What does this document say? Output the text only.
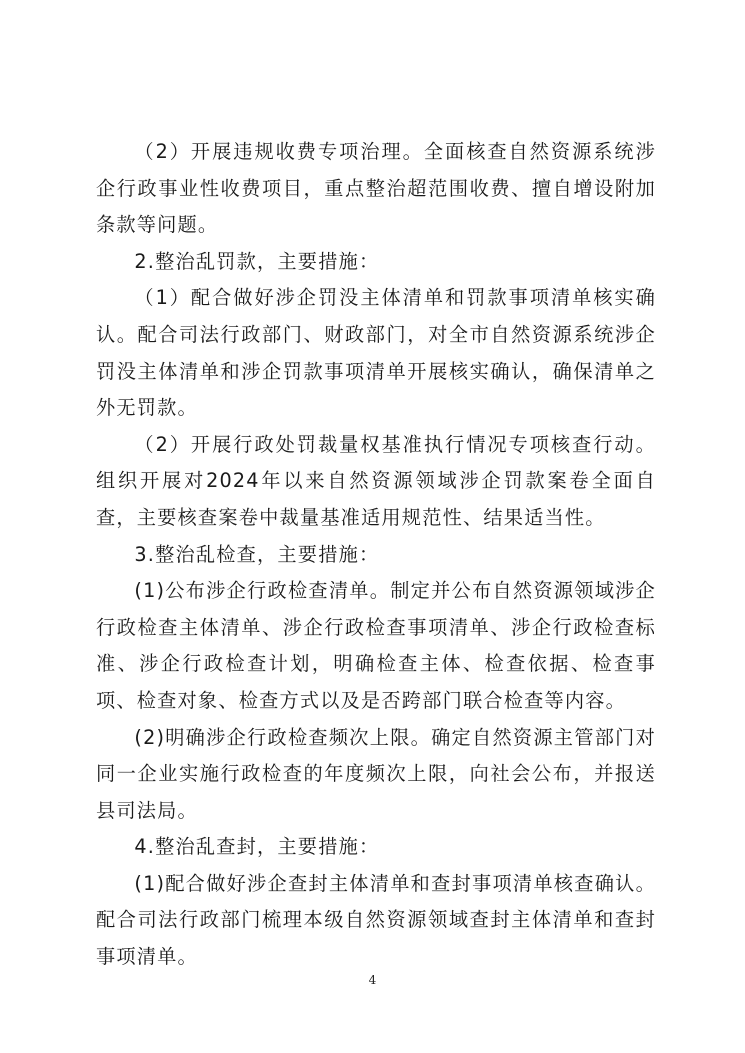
（2）开展违规收费专项治理。全面核查自然资源系统涉企行政事业性收费项目，重点整治超范围收费、擅自增设附加条款等问题。

2.整治乱罚款，主要措施：

（1）配合做好涉企罚没主体清单和罚款事项清单核实确认。配合司法行政部门、财政部门，对全市自然资源系统涉企罚没主体清单和涉企罚款事项清单开展核实确认，确保清单之外无罚款。

（2）开展行政处罚裁量权基准执行情况专项核查行动。组织开展对2024年以来自然资源领域涉企罚款案卷全面自查，主要核查案卷中裁量基准适用规范性、结果适当性。

3.整治乱检查，主要措施：

(1)公布涉企行政检查清单。制定并公布自然资源领域涉企行政检查主体清单、涉企行政检查事项清单、涉企行政检查标准、涉企行政检查计划，明确检查主体、检查依据、检查事项、检查对象、检查方式以及是否跨部门联合检查等内容。

(2)明确涉企行政检查频次上限。确定自然资源主管部门对同一企业实施行政检查的年度频次上限，向社会公布，并报送县司法局。

4.整治乱查封，主要措施：

(1)配合做好涉企查封主体清单和查封事项清单核查确认。配合司法行政部门梳理本级自然资源领域查封主体清单和查封事项清单。

4
